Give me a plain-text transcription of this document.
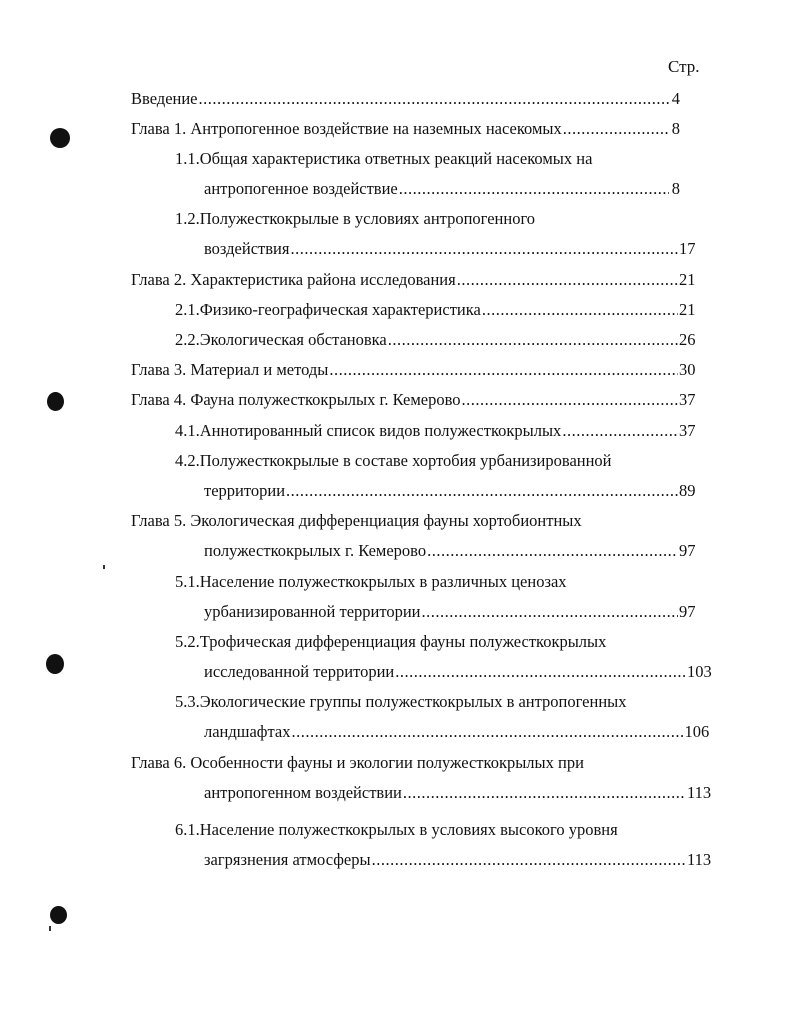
Стр.
Введение .....	4
Глава 1. Антропогенное воздействие на наземных насекомых .....	8
1.1.Общая характеристика ответных реакций насекомых на
антропогенное воздействие .....	8
1.2.Полужесткокрылые в условиях антропогенного
воздействия .....	17
Глава 2. Характеристика района исследования .....	21
2.1.Физико-географическая характеристика .....	21
2.2.Экологическая обстановка .....	26
Глава 3. Материал и методы .....	30
Глава 4. Фауна полужесткокрылых г. Кемерово .....	37
4.1.Аннотированный список видов полужесткокрылых .....	37
4.2.Полужесткокрылые в составе хортобия урбанизированной
территории .....	89
Глава 5. Экологическая дифференциация фауны хортобионтных
полужесткокрылых г. Кемерово .....	97
5.1.Население полужесткокрылых в различных ценозах
урбанизированной территории .....	97
5.2.Трофическая дифференциация фауны полужесткокрылых
исследованной территории .....	103
5.3.Экологические группы полужесткокрылых в антропогенных
ландшафтах .....	106
Глава 6. Особенности фауны и экологии полужесткокрылых при
антропогенном воздействии .....	113
6.1.Население полужесткокрылых в условиях высокого уровня
загрязнения атмосферы .....	113
